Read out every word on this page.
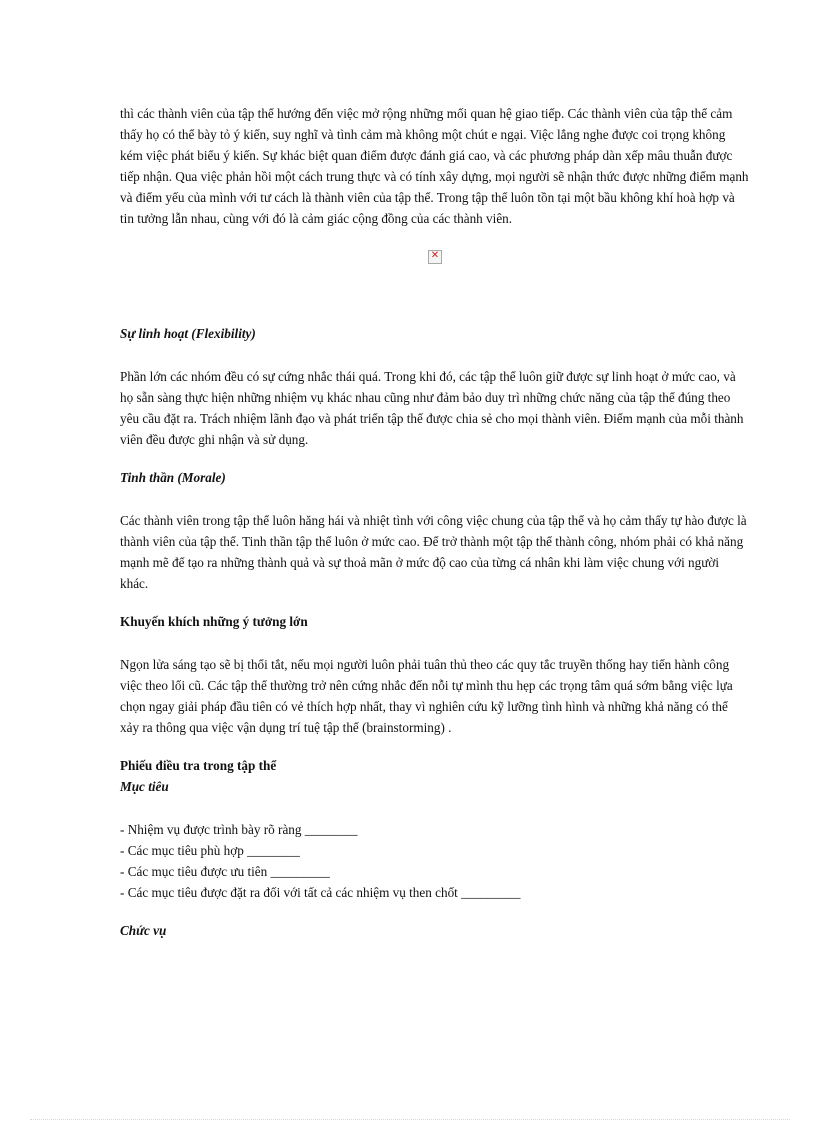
thì các thành viên của tập thể hướng đến việc mở rộng những mối quan hệ giao tiếp. Các thành viên của tập thể cảm thấy họ có thể bày tỏ ý kiến, suy nghĩ và tình cảm mà không một chút e ngại. Việc lắng nghe được coi trọng không kém việc phát biểu ý kiến. Sự khác biệt quan điểm được đánh giá cao, và các phương pháp dàn xếp mâu thuẫn được tiếp nhận. Qua việc phản hồi một cách trung thực và có tính xây dựng, mọi người sẽ nhận thức được những điểm mạnh và điểm yếu của mình với tư cách là thành viên của tập thể. Trong tập thể luôn tồn tại một bầu không khí hoà hợp và tin tưởng lẫn nhau, cùng với đó là cảm giác cộng đồng của các thành viên.

✕
Sự linh hoạt (Flexibility)

Phần lớn các nhóm đều có sự cứng nhắc thái quá. Trong khi đó, các tập thể luôn giữ được sự linh hoạt ở mức cao, và họ sẵn sàng thực hiện những nhiệm vụ khác nhau cũng như đảm bảo duy trì những chức năng của tập thể đúng theo yêu cầu đặt ra. Trách nhiệm lãnh đạo và phát triển tập thể được chia sẻ cho mọi thành viên. Điểm mạnh của mỗi thành viên đều được ghi nhận và sử dụng.

Tinh thần (Morale)

Các thành viên trong tập thể luôn hăng hái và nhiệt tình với công việc chung của tập thể và họ cảm thấy tự hào được là thành viên của tập thể. Tinh thần tập thể luôn ở mức cao. Để trở thành một tập thể thành công, nhóm phải có khả năng mạnh mẽ để tạo ra những thành quả và sự thoả mãn ở mức độ cao của từng cá nhân khi làm việc chung với người khác.

Khuyến khích những ý tưởng lớn

Ngọn lửa sáng tạo sẽ bị thổi tắt, nếu mọi người luôn phải tuân thủ theo các quy tắc truyền thống hay tiến hành công việc theo lối cũ. Các tập thể thường trở nên cứng nhắc đến nỗi tự mình thu hẹp các trọng tâm quá sớm bằng việc lựa chọn ngay giải pháp đầu tiên có vẻ thích hợp nhất, thay vì nghiên cứu kỹ lưỡng tình hình và những khả năng có thể xảy ra thông qua việc vận dụng trí tuệ tập thể (brainstorming) .

Phiếu điều tra trong tập thể
Mục tiêu

- Nhiệm vụ được trình bày rõ ràng ________

- Các mục tiêu phù hợp ________

- Các mục tiêu được ưu tiên _________

- Các mục tiêu được đặt ra đối với tất cả các nhiệm vụ then chốt _________

Chức vụ
